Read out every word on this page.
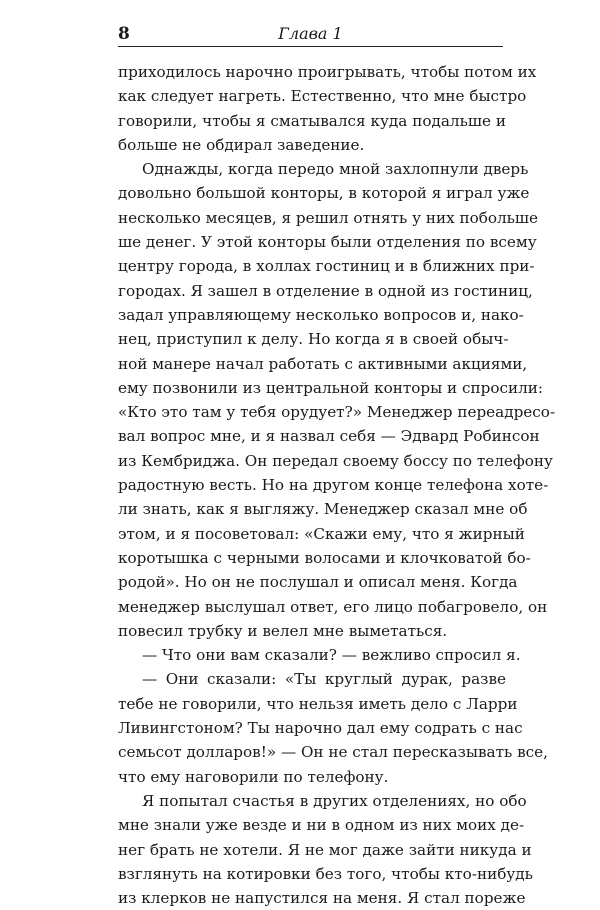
8	Глава 1
приходилось нарочно проигрывать, чтобы потом их
как следует нагреть. Естественно, что мне быстро
говорили, чтобы я сматывался куда подальше и
больше не обдирал заведение.
Однажды, когда передо мной захлопнули дверь
довольно большой конторы, в которой я играл уже
несколько месяцев, я решил отнять у них побольше
ше денег. У этой конторы были отделения по всему
центру города, в холлах гостиниц и в ближних при-
городах. Я зашел в отделение в одной из гостиниц,
задал управляющему несколько вопросов и, нако-
нец, приступил к делу. Но когда я в своей обыч-
ной манере начал работать с активными акциями,
ему позвонили из центральной конторы и спросили:
«Кто это там у тебя орудует?» Менеджер переадресо-
вал вопрос мне, и я назвал себя — Эдвард Робинсон
из Кембриджа. Он передал своему боссу по телефону
радостную весть. Но на другом конце телефона хоте-
ли знать, как я выгляжу. Менеджер сказал мне об
этом, и я посоветовал: «Скажи ему, что я жирный
коротышка с черными волосами и клочковатой бо-
родой». Но он не послушал и описал меня. Когда
менеджер выслушал ответ, его лицо побагровело, он
повесил трубку и велел мне выметаться.
— Что они вам сказали? — вежливо спросил я.
— Они сказали: «Ты круглый дурак, разве
тебе не говорили, что нельзя иметь дело с Ларри
Ливингстоном? Ты нарочно дал ему содрать с нас
семьсот долларов!» — Он не стал пересказывать все,
что ему наговорили по телефону.
Я попытал счастья в других отделениях, но обо
мне знали уже везде и ни в одном из них моих де-
нег брать не хотели. Я не мог даже зайти никуда и
взглянуть на котировки без того, чтобы кто-нибудь
из клерков не напустился на меня. Я стал пореже
